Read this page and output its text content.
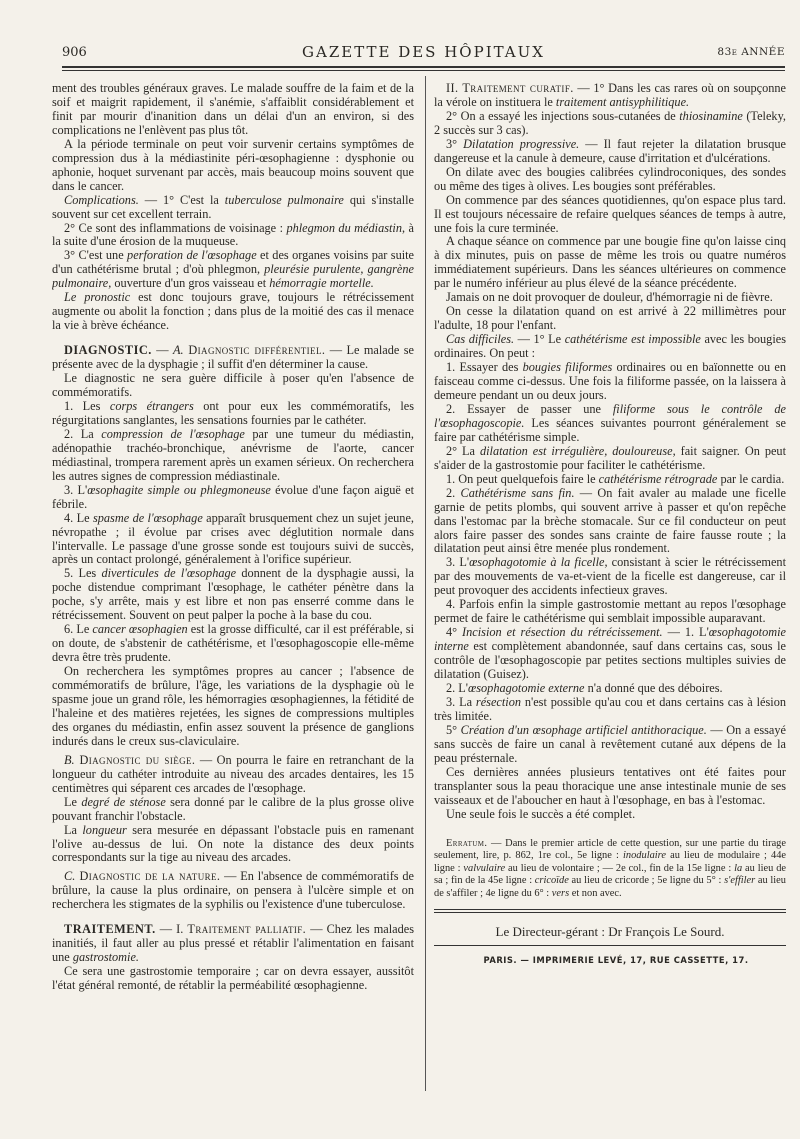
906	GAZETTE DES HÔPITAUX	83e ANNÉE

ment des troubles généraux graves. Le malade souffre de la faim et de la soif et maigrit rapidement, il s'anémie, s'affaiblit considérablement et finit par mourir d'inanition dans un délai d'un an environ, si des complications ne l'enlèvent pas plus tôt.

A la période terminale on peut voir survenir certains symptômes de compression dus à la médiastinite péri-œsophagienne : dysphonie ou aphonie, hoquet survenant par accès, mais beaucoup moins souvent que dans le cancer.

Complications. — 1° C'est la tuberculose pulmonaire qui s'installe souvent sur cet excellent terrain.

2° Ce sont des inflammations de voisinage : phlegmon du médiastin, à la suite d'une érosion de la muqueuse.

3° C'est une perforation de l'œsophage et des organes voisins par suite d'un cathétérisme brutal ; d'où phlegmon, pleurésie purulente, gangrène pulmonaire, ouverture d'un gros vaisseau et hémorragie mortelle.

Le pronostic est donc toujours grave, toujours le rétrécissement augmente ou abolit la fonction ; dans plus de la moitié des cas il menace la vie à brève échéance.

DIAGNOSTIC. — A. Diagnostic différentiel. — Le malade se présente avec de la dysphagie ; il suffit d'en déterminer la cause.

Le diagnostic ne sera guère difficile à poser qu'en l'absence de commémoratifs.

1. Les corps étrangers ont pour eux les commémoratifs, les régurgitations sanglantes, les sensations fournies par le cathéter.

2. La compression de l'œsophage par une tumeur du médiastin, adénopathie trachéo-bronchique, anévrisme de l'aorte, cancer médiastinal, trompera rarement après un examen sérieux. On recherchera les autres signes de compression médiastinale.

3. L'œsophagite simple ou phlegmoneuse évolue d'une façon aiguë et fébrile.

4. Le spasme de l'œsophage apparaît brusquement chez un sujet jeune, névropathe ; il évolue par crises avec déglutition normale dans l'intervalle. Le passage d'une grosse sonde est toujours suivi de succès, après un contact prolongé, généralement à l'orifice supérieur.

5. Les diverticules de l'œsophage donnent de la dysphagie aussi, la poche distendue comprimant l'œsophage, le cathéter pénètre dans la poche, s'y arrête, mais y est libre et non pas enserré comme dans le rétrécissement. Souvent on peut palper la poche à la base du cou.

6. Le cancer œsophagien est la grosse difficulté, car il est préférable, si on doute, de s'abstenir de cathétérisme, et l'œsophagoscopie elle-même devra être très prudente.

On recherchera les symptômes propres au cancer ; l'absence de commémoratifs de brûlure, l'âge, les variations de la dysphagie où le spasme joue un grand rôle, les hémorragies œsophagiennes, la fétidité de l'haleine et des matières rejetées, les signes de compressions multiples des organes du médiastin, enfin assez souvent la présence de ganglions indurés dans le creux sus-claviculaire.

B. Diagnostic du siège. — On pourra le faire en retranchant de la longueur du cathéter introduite au niveau des arcades dentaires, les 15 centimètres qui séparent ces arcades de l'œsophage.

Le degré de sténose sera donné par le calibre de la plus grosse olive pouvant franchir l'obstacle.

La longueur sera mesurée en dépassant l'obstacle puis en ramenant l'olive au-dessus de lui. On note la distance des deux points correspondants sur la tige au niveau des arcades.

C. Diagnostic de la nature. — En l'absence de commémoratifs de brûlure, la cause la plus ordinaire, on pensera à l'ulcère simple et on recherchera les stigmates de la syphilis ou l'existence d'une tuberculose.

TRAITEMENT. — I. Traitement palliatif. — Chez les malades inanitiés, il faut aller au plus pressé et rétablir l'alimentation en faisant une gastrostomie.

Ce sera une gastrostomie temporaire ; car on devra essayer, aussitôt l'état général remonté, de rétablir la perméabilité œsophagienne.

II. Traitement curatif. — 1° Dans les cas rares où on soupçonne la vérole on instituera le traitement antisyphilitique.

2° On a essayé les injections sous-cutanées de thiosinamine (Teleky, 2 succès sur 3 cas).

3° Dilatation progressive. — Il faut rejeter la dilatation brusque dangereuse et la canule à demeure, cause d'irritation et d'ulcérations.

On dilate avec des bougies calibrées cylindroconiques, des sondes ou même des tiges à olives. Les bougies sont préférables.

On commence par des séances quotidiennes, qu'on espace plus tard. Il est toujours nécessaire de refaire quelques séances de temps à autre, une fois la cure terminée.

A chaque séance on commence par une bougie fine qu'on laisse cinq à dix minutes, puis on passe de même les trois ou quatre numéros immédiatement supérieurs. Dans les séances ultérieures on commence par le numéro inférieur au plus élevé de la séance précédente.

Jamais on ne doit provoquer de douleur, d'hémorragie ni de fièvre.

On cesse la dilatation quand on est arrivé à 22 millimètres pour l'adulte, 18 pour l'enfant.

Cas difficiles. — 1° Le cathétérisme est impossible avec les bougies ordinaires. On peut :

1. Essayer des bougies filiformes ordinaires ou en baïonnette ou en faisceau comme ci-dessus. Une fois la filiforme passée, on la laissera à demeure pendant un ou deux jours.

2. Essayer de passer une filiforme sous le contrôle de l'œsophagoscopie. Les séances suivantes pourront généralement se faire par cathétérisme simple.

2° La dilatation est irrégulière, douloureuse, fait saigner. On peut s'aider de la gastrostomie pour faciliter le cathétérisme.

1. On peut quelquefois faire le cathétérisme rétrograde par le cardia.

2. Cathétérisme sans fin. — On fait avaler au malade une ficelle garnie de petits plombs, qui souvent arrive à passer et qu'on repêche dans l'estomac par la brèche stomacale. Sur ce fil conducteur on peut alors faire passer des sondes sans crainte de faire fausse route ; la dilatation peut ainsi être menée plus rondement.

3. L'œsophagotomie à la ficelle, consistant à scier le rétrécissement par des mouvements de va-et-vient de la ficelle est dangereuse, car il peut provoquer des accidents infectieux graves.

4. Parfois enfin la simple gastrostomie mettant au repos l'œsophage permet de faire le cathétérisme qui semblait impossible auparavant.

4° Incision et résection du rétrécissement. — 1. L'œsophagotomie interne est complètement abandonnée, sauf dans certains cas, sous le contrôle de l'œsophagoscopie par petites sections multiples suivies de dilatation (Guisez).

2. L'œsophagotomie externe n'a donné que des déboires.

3. La résection n'est possible qu'au cou et dans certains cas à lésion très limitée.

5° Création d'un œsophage artificiel antithoracique. — On a essayé sans succès de faire un canal à revêtement cutané aux dépens de la peau présternale.

Ces dernières années plusieurs tentatives ont été faites pour transplanter sous la peau thoracique une anse intestinale munie de ses vaisseaux et de l'aboucher en haut à l'œsophage, en bas à l'estomac.

Une seule fois le succès a été complet.

Erratum. — Dans le premier article de cette question, sur une partie du tirage seulement, lire, p. 862, 1re col., 5e ligne : inodulaire au lieu de modulaire ; 44e ligne : valvulaire au lieu de volontaire ; — 2e col., fin de la 15e ligne : la au lieu de sa ; fin de la 45e ligne : cricoïde au lieu de cricorde ; 5e ligne du 5° : s'effiler au lieu de s'affiler ; 4e ligne du 6° : vers et non avec.

Le Directeur-gérant : Dr François Le Sourd.

PARIS. — IMPRIMERIE LEVÉ, 17, RUE CASSETTE, 17.
